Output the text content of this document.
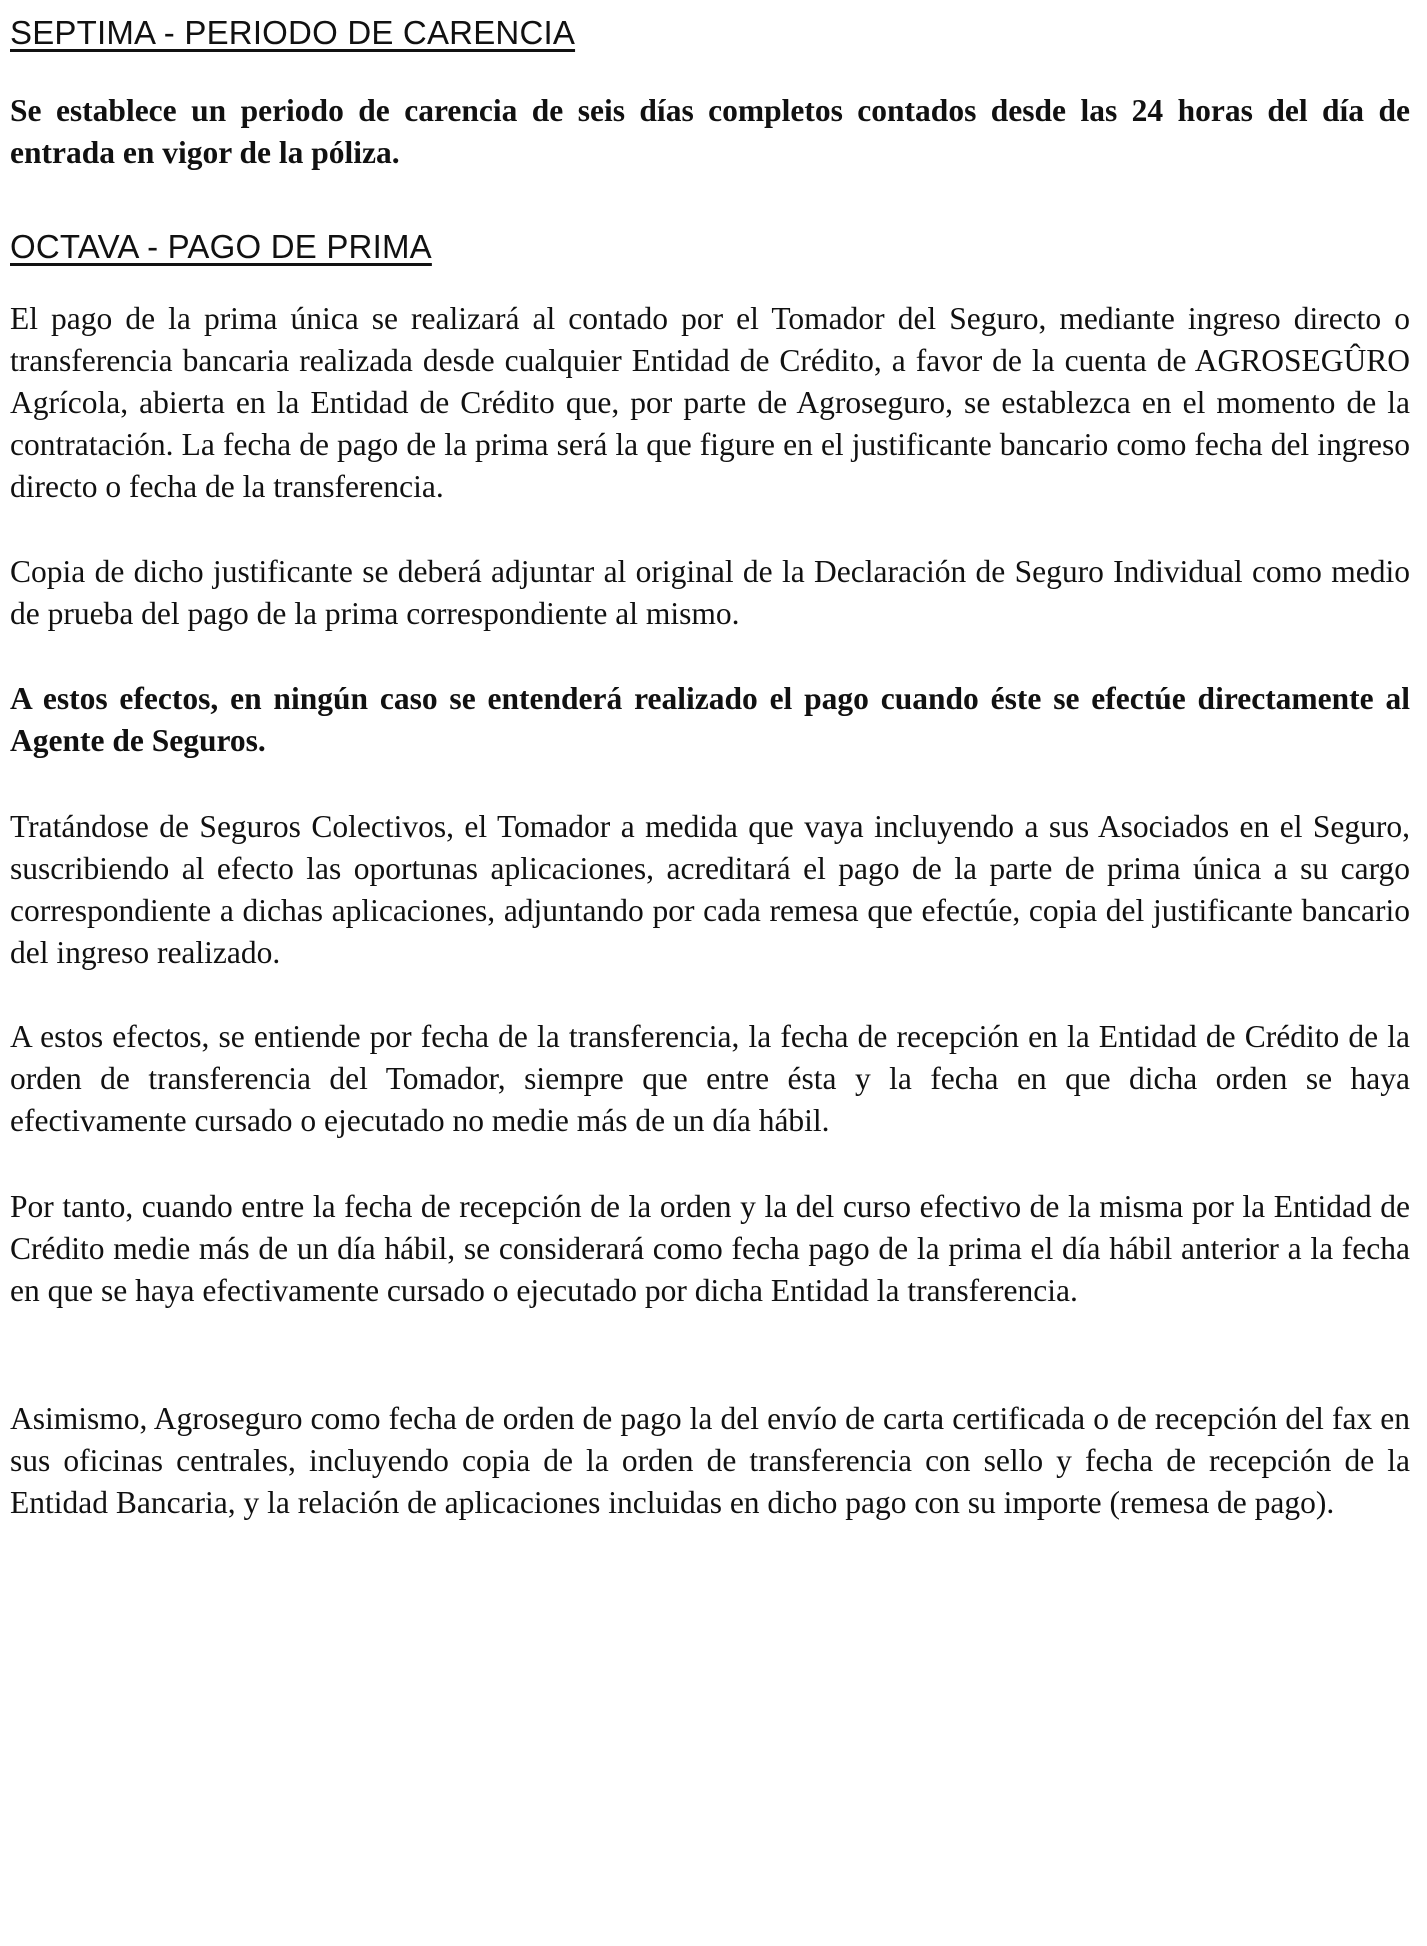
SEPTIMA - PERIODO DE CARENCIA

Se establece un periodo de carencia de seis días completos contados desde las 24 horas del día de entrada en vigor de la póliza.

OCTAVA - PAGO DE PRIMA

El pago de la prima única se realizará al contado por el Tomador del Seguro, mediante ingreso directo o transferencia bancaria realizada desde cualquier Entidad de Crédito, a favor de la cuenta de AGROSEGÛRO Agrícola, abierta en la Entidad de Crédito que, por parte de Agroseguro, se establezca en el momento de la contratación. La fecha de pago de la prima será la que figure en el justificante bancario como fecha del ingreso directo o fecha de la transferencia.

Copia de dicho justificante se deberá adjuntar al original de la Declaración de Seguro Individual como medio de prueba del pago de la prima correspondiente al mismo.

A estos efectos, en ningún caso se entenderá realizado el pago cuando éste se efectúe directamente al Agente de Seguros.

Tratándose de Seguros Colectivos, el Tomador a medida que vaya incluyendo a sus Asociados en el Seguro, suscribiendo al efecto las oportunas aplicaciones, acreditará el pago de la parte de prima única a su cargo correspondiente a dichas aplicaciones, adjuntando por cada remesa que efectúe, copia del justificante bancario del ingreso realizado.

A estos efectos, se entiende por fecha de la transferencia, la fecha de recepción en la Entidad de Crédito de la orden de transferencia del Tomador, siempre que entre ésta y la fecha en que dicha orden se haya efectivamente cursado o ejecutado no medie más de un día hábil.

Por tanto, cuando entre la fecha de recepción de la orden y la del curso efectivo de la misma por la Entidad de Crédito medie más de un día hábil, se considerará como fecha pago de la prima el día hábil anterior a la fecha en que se haya efectivamente cursado o ejecutado por dicha Entidad la transferencia.

Asimismo, Agroseguro como fecha de orden de pago la del envío de carta certificada o de recepción del fax en sus oficinas centrales, incluyendo copia de la orden de transferencia con sello y fecha de recepción de la Entidad Bancaria, y la relación de aplicaciones incluidas en dicho pago con su importe (remesa de pago).
